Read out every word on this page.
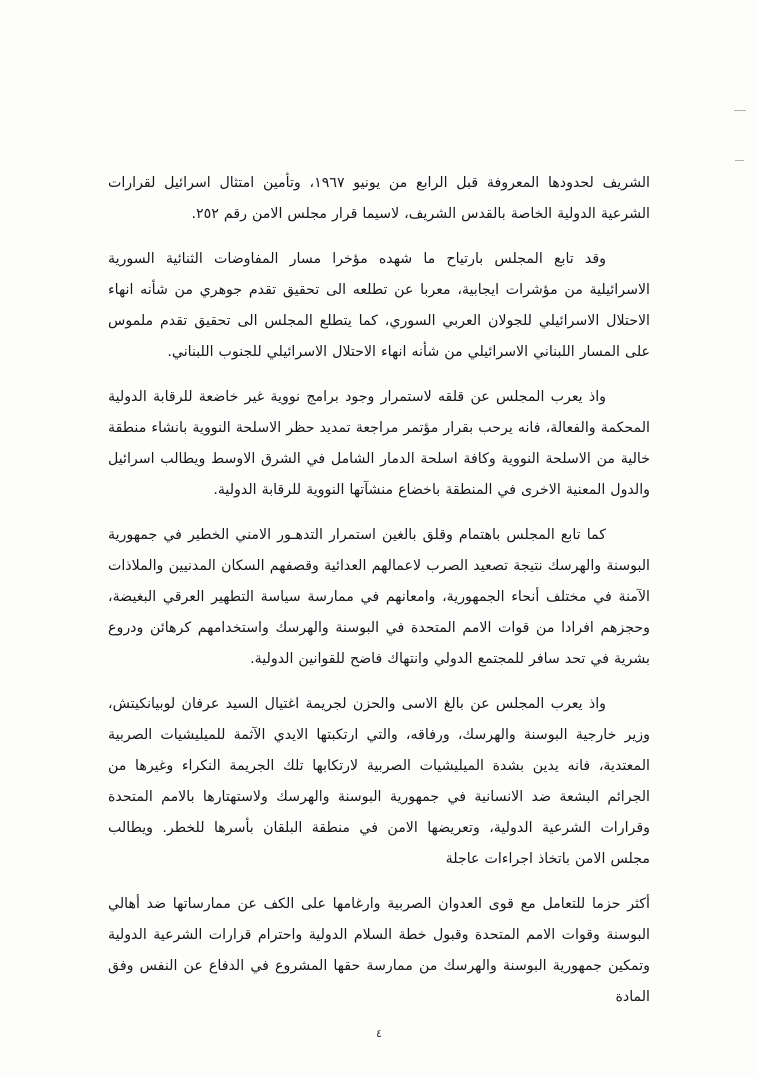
الشريف لحدودها المعروفة قبل الرابع من يونيو ١٩٦٧، وتأمين امتثال اسرائيل لقرارات الشرعية الدولية الخاصة بالقدس الشريف، لاسيما قرار مجلس الامن رقم ٢٥٢.

وقد تابع المجلس بارتياح ما شهده مؤخرا مسار المفاوضات الثنائية السورية الاسرائيلية من مؤشرات ايجابية، معربا عن تطلعه الى تحقيق تقدم جوهري من شأنه انهاء الاحتلال الاسرائيلي للجولان العربي السوري، كما يتطلع المجلس الى تحقيق تقدم ملموس على المسار اللبناني الاسرائيلي من شأنه انهاء الاحتلال الاسرائيلي للجنوب اللبناني.

واذ يعرب المجلس عن قلقه لاستمرار وجود برامج نووية غير خاضعة للرقابة الدولية المحكمة والفعالة، فانه يرحب بقرار مؤتمر مراجعة تمديد حظر الاسلحة النووية بانشاء منطقة خالية من الاسلحة النووية وكافة اسلحة الدمار الشامل في الشرق الاوسط ويطالب اسرائيل والدول المعنية الاخرى في المنطقة باخضاع منشآتها النووية للرقابة الدولية.

كما تابع المجلس باهتمام وقلق بالغين استمرار التدهـور الامني الخطير في جمهورية البوسنة والهرسك نتيجة تصعيد الصرب لاعمالهم العدائية وقصفهم السكان المدنيين والملاذات الآمنة في مختلف أنحاء الجمهورية، وامعانهم في ممارسة سياسة التطهير العرقي البغيضة، وحجزهم افرادا من قوات الامم المتحدة في البوسنة والهرسك واستخدامهم كرهائن ودروع بشرية في تحد سافر للمجتمع الدولي وانتهاك فاضح للقوانين الدولية.

واذ يعرب المجلس عن بالغ الاسى والحزن لجريمة اغتيال السيد عرفان لوبيانكيتش، وزير خارجية البوسنة والهرسك، ورفاقه، والتي ارتكبتها الايدي الآثمة للميليشيات الصربية المعتدية، فانه يدين بشدة الميليشيات الصربية لارتكابها تلك الجريمة النكراء وغيرها من الجرائم البشعة ضد الانسانية في جمهورية البوسنة والهرسك ولاستهتارها بالامم المتحدة وقرارات الشرعية الدولية، وتعريضها الامن في منطقة البلقان بأسرها للخطر. ويطالب مجلس الامن باتخاذ اجراءات عاجلة

أكثر حزما للتعامل مع قوى العدوان الصربية وارغامها على الكف عن ممارساتها ضد أهالي البوسنة وقوات الامم المتحدة وقبول خطة السلام الدولية واحترام قرارات الشرعية الدولية وتمكين جمهورية البوسنة والهرسك من ممارسة حقها المشروع في الدفاع عن النفس وفق المادة

٤
